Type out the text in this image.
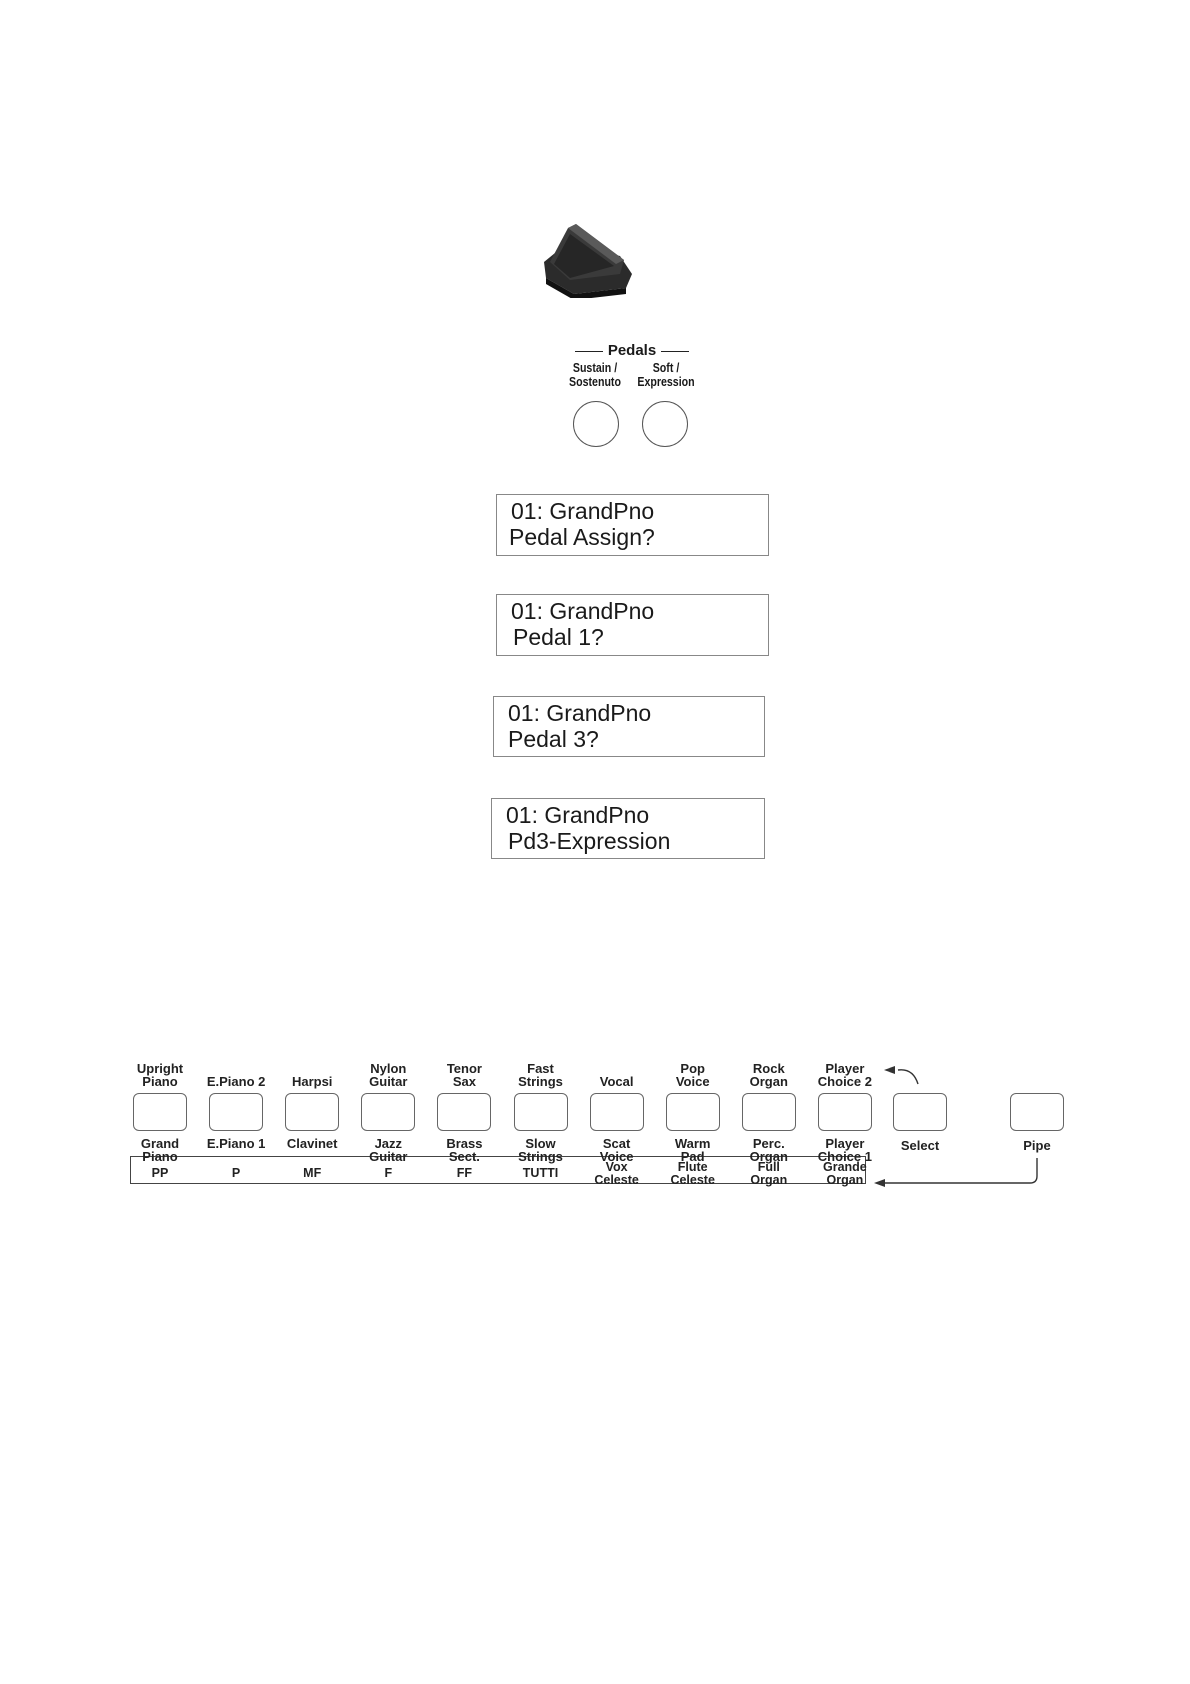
Pedals
Sustain /
Sostenuto
Soft /
Expression
01: GrandPno
Pedal Assign?
01: GrandPno
Pedal 1?
01: GrandPno
Pedal 3?
01: GrandPno
Pd3-Expression
Select	Pipe
Upright
Piano
Grand
Piano
PP
E.Piano 2
E.Piano 1
P
Harpsi
Clavinet
MF
Nylon
Guitar
Jazz
Guitar
F
Tenor
Sax
Brass
Sect.
FF
Fast
Strings
Slow
Strings
TUTTI
Vocal
Scat
Voice
Vox
Celeste
Pop
Voice
Warm
Pad
Flute
Celeste
Rock
Organ
Perc.
Organ
Full
Organ
Player
Choice 2
Player
Choice 1
Grande
Organ
